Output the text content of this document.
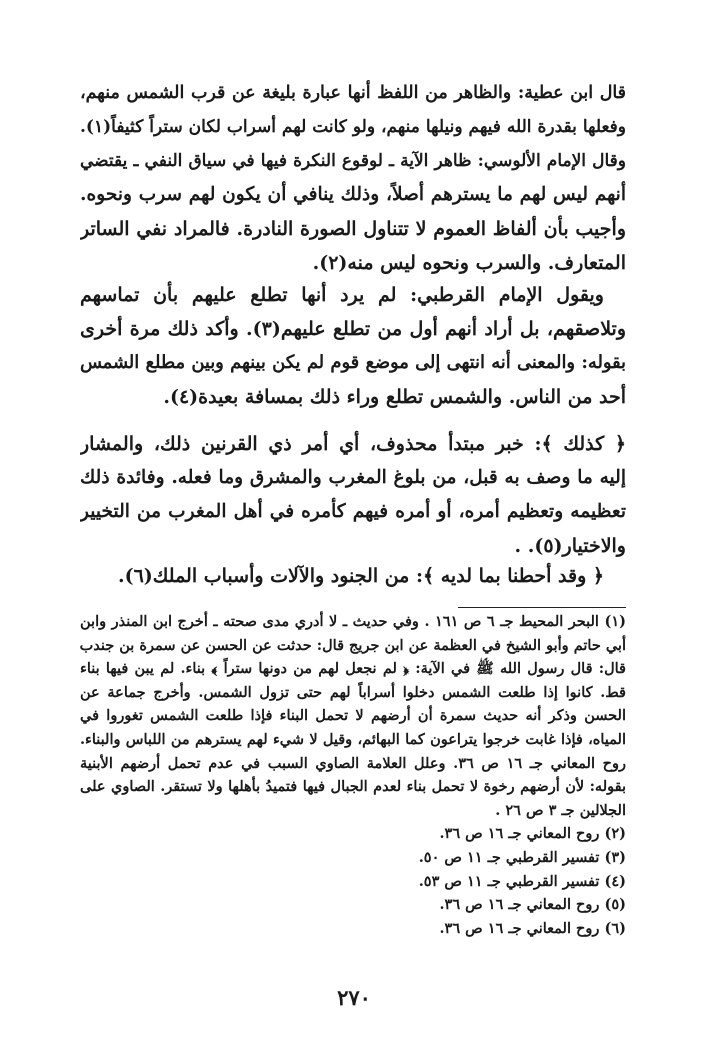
قال ابن عطية: والظاهر من اللفظ أنها عبارة بليغة عن قرب الشمس منهم،
وفعلها بقدرة الله فيهم ونيلها منهم، ولو كانت لهم أسراب لكان ستراً كثيفاً(١).
وقال الإمام الألوسي: ظاهر الآية ـ لوقوع النكرة فيها في سياق النفي ـ يقتضي
أنهم ليس لهم ما يسترهم أصلاً، وذلك ينافي أن يكون لهم سرب ونحوه.
وأجيب بأن ألفاظ العموم لا تتناول الصورة النادرة. فالمراد نفي الساتر
المتعارف. والسرب ونحوه ليس منه(٢).
ويقول الإمام القرطبي: لم يرد أنها تطلع عليهم بأن تماسهم
وتلاصقهم، بل أراد أنهم أول من تطلع عليهم(٣). وأكد ذلك مرة أخرى
بقوله: والمعنى أنه انتهى إلى موضع قوم لم يكن بينهم وبين مطلع الشمس
أحد من الناس. والشمس تطلع وراء ذلك بمسافة بعيدة(٤).
﴿ كذلك ﴾: خبر مبتدأ محذوف، أي أمر ذي القرنين ذلك، والمشار
إليه ما وصف به قبل، من بلوغ المغرب والمشرق وما فعله. وفائدة ذلك
تعظيمه وتعظيم أمره، أو أمره فيهم كأمره في أهل المغرب من التخيير
والاختيار(٥). .
﴿ وقد أحطنا بما لديه ﴾: من الجنود والآلات وأسباب الملك(٦).
(١) البحر المحيط جـ ٦ ص ١٦١ . وفي حديث ـ لا أدري مدى صحته ـ أخرج ابن المنذر وابن
أبي حاتم وأبو الشيخ في العظمة عن ابن جريج قال: حدثت عن الحسن عن سمرة بن جندب
قال: قال رسول الله ﷺ في الآية: ﴿ لم نجعل لهم من دونها ستراً ﴾ بناء. لم يبن فيها بناء
قط. كانوا إذا طلعت الشمس دخلوا أسراباً لهم حتى تزول الشمس. وأخرج جماعة عن
الحسن وذكر أنه حديث سمرة أن أرضهم لا تحمل البناء فإذا طلعت الشمس تغوروا في
المياه، فإذا غابت خرجوا يتراعون كما البهائم، وقيل لا شيء لهم يسترهم من اللباس والبناء.
روح المعاني جـ ١٦ ص ٣٦. وعلل العلامة الصاوي السبب في عدم تحمل أرضهم الأبنية
بقوله: لأن أرضهم رخوة لا تحمل بناء لعدم الجبال فيها فتميدُ بأهلها ولا تستقر. الصاوي على
الجلالين جـ ٣ ص ٢٦ .
(٢) روح المعاني جـ ١٦ ص ٣٦.
(٣) تفسير القرطبي جـ ١١ ص ٥٠.
(٤) تفسير القرطبي جـ ١١ ص ٥٣.
(٥) روح المعاني جـ ١٦ ص ٣٦.
(٦) روح المعاني جـ ١٦ ص ٣٦.
٢٧٠
